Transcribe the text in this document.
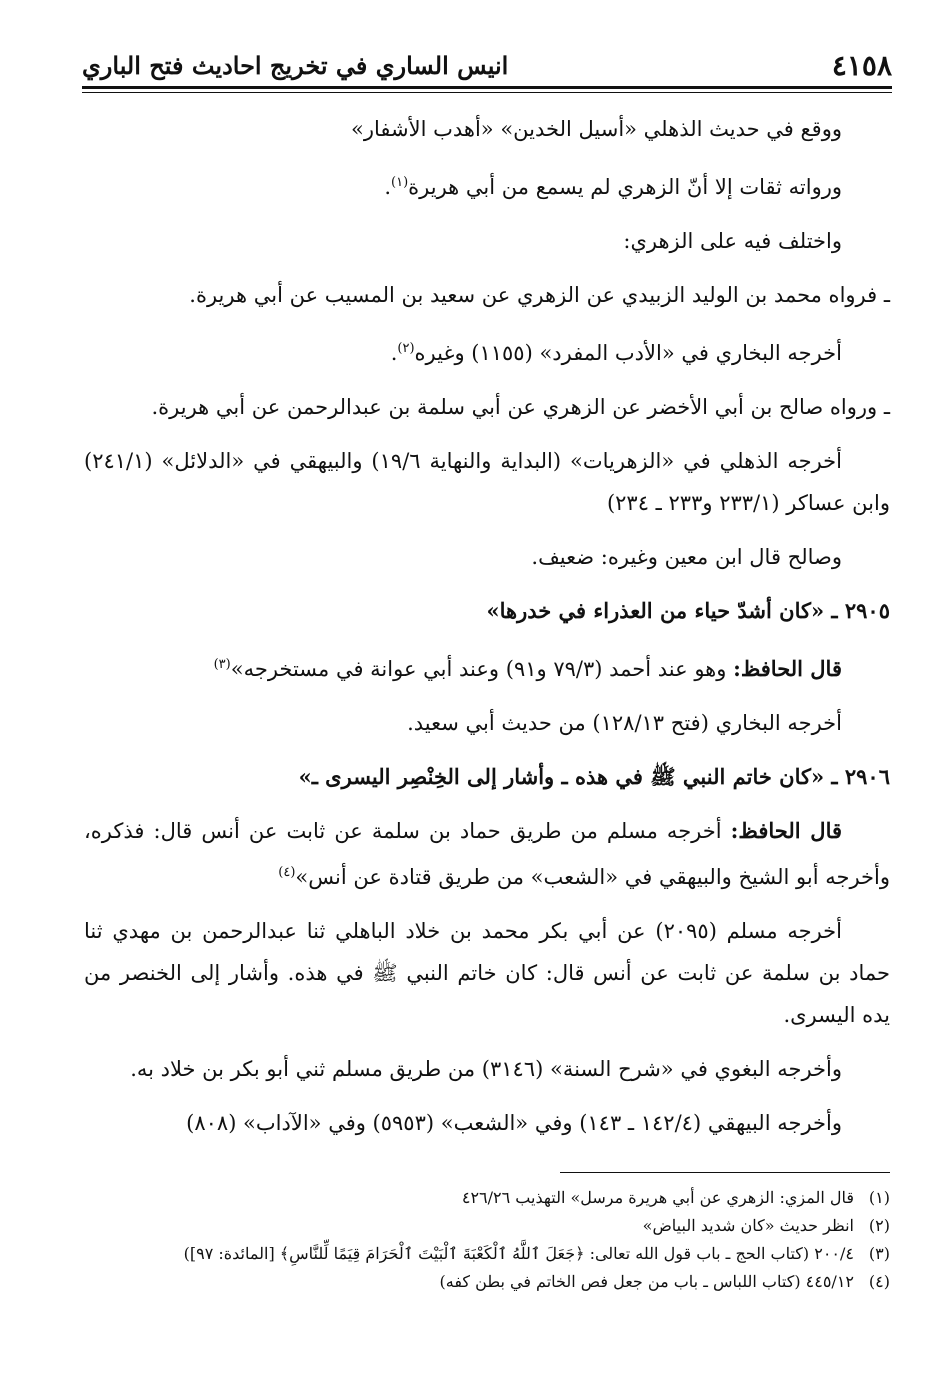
٤١٥٨
انيس الساري في تخريج احاديث فتح الباري

ووقع في حديث الذهلي «أسيل الخدين» «أهدب الأشفار»

ورواته ثقات إلا أنّ الزهري لم يسمع من أبي هريرة$^{(١)}$.

واختلف فيه على الزهري:

ـ فرواه محمد بن الوليد الزبيدي عن الزهري عن سعيد بن المسيب عن أبي هريرة.

أخرجه البخاري في «الأدب المفرد» (١١٥٥) وغيره$^{(٢)}$.

ـ ورواه صالح بن أبي الأخضر عن الزهري عن أبي سلمة بن عبدالرحمن عن أبي هريرة.

أخرجه الذهلي في «الزهريات» (البداية والنهاية ١٩/٦) والبيهقي في «الدلائل» (٢٤١/١) وابن عساكر (٢٣٣/١ و٢٣٣ ـ ٢٣٤)

وصالح قال ابن معين وغيره: ضعيف.

٢٩٠٥ ـ «كان أشدّ حياء من العذراء في خدرها»

قال الحافظ: وهو عند أحمد (٧٩/٣ و٩١) وعند أبي عوانة في مستخرجه»$^{(٣)}$

أخرجه البخاري (فتح ١٢٨/١٣) من حديث أبي سعيد.

٢٩٠٦ ـ «كان خاتم النبي ﷺ في هذه ـ وأشار إلى الخِنْصِر اليسرى ـ»

قال الحافظ: أخرجه مسلم من طريق حماد بن سلمة عن ثابت عن أنس قال: فذكره، وأخرجه أبو الشيخ والبيهقي في «الشعب» من طريق قتادة عن أنس»$^{(٤)}$

أخرجه مسلم (٢٠٩٥) عن أبي بكر محمد بن خلاد الباهلي ثنا عبدالرحمن بن مهدي ثنا حماد بن سلمة عن ثابت عن أنس قال: كان خاتم النبي ﷺ في هذه. وأشار إلى الخنصر من يده اليسرى.

وأخرجه البغوي في «شرح السنة» (٣١٤٦) من طريق مسلم ثني أبو بكر بن خلاد به.

وأخرجه البيهقي (١٤٢/٤ ـ ١٤٣) وفي «الشعب» (٥٩٥٣) وفي «الآداب» (٨٠٨)

(١)
قال المزي: الزهري عن أبي هريرة مرسل» التهذيب ٤٢٦/٢٦
(٢)
انظر حديث «كان شديد البياض»
(٣)
٢٠٠/٤ (كتاب الحج ـ باب قول الله تعالى: ﴿جَعَلَ ٱللَّهُ ٱلْكَعْبَةَ ٱلْبَيْتَ ٱلْحَرَامَ قِيَمًا لِّلنَّاسِ﴾ [المائدة: ٩٧])
(٤)
٤٤٥/١٢ (كتاب اللباس ـ باب من جعل فص الخاتم في بطن كفه)
